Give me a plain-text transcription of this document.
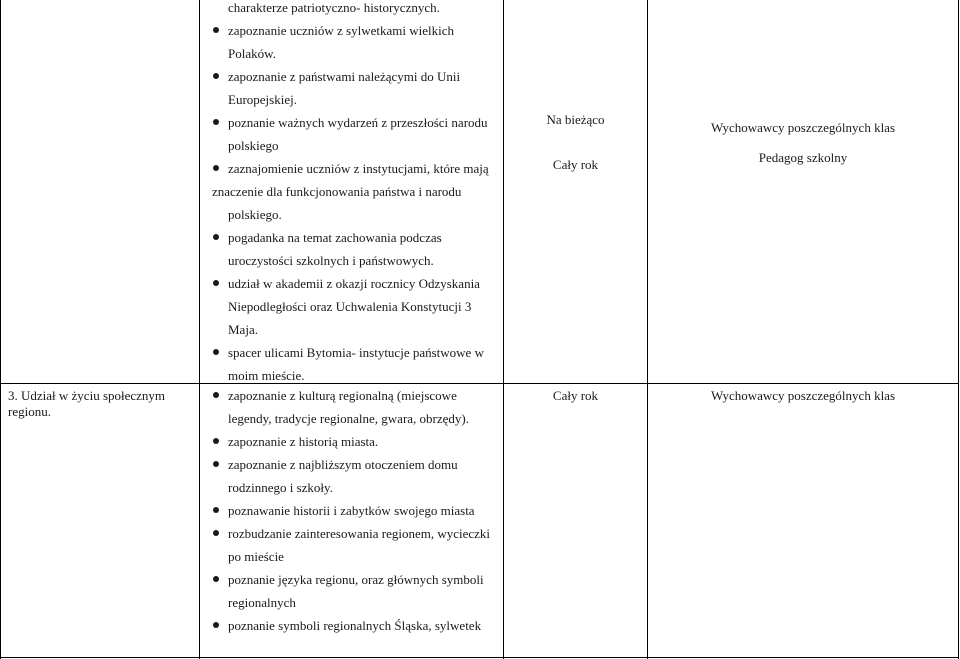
charakterze patriotyczno- historycznych.
zapoznanie uczniów z sylwetkami wielkich
Polaków.
zapoznanie z państwami należącymi do Unii
Europejskiej.
poznanie ważnych wydarzeń z przeszłości narodu
polskiego
zaznajomienie uczniów z instytucjami, które mają
znaczenie dla funkcjonowania państwa i narodu
polskiego.
pogadanka na temat zachowania podczas
uroczystości szkolnych i państwowych.
udział w akademii z okazji rocznicy Odzyskania
Niepodległości oraz Uchwalenia Konstytucji 3
Maja.
spacer ulicami Bytomia- instytucje państwowe w
moim mieście.
Na bieżąco
Cały rok
Wychowawcy poszczególnych klas
Pedagog szkolny
3. Udział w życiu społecznym regionu.
zapoznanie z kulturą regionalną (miejscowe
legendy, tradycje regionalne, gwara, obrzędy).
zapoznanie z historią miasta.
zapoznanie z najbliższym otoczeniem domu
rodzinnego i szkoły.
poznawanie historii i zabytków swojego miasta
rozbudzanie zainteresowania regionem, wycieczki
po mieście
poznanie języka regionu, oraz głównych symboli
regionalnych
poznanie symboli regionalnych Śląska, sylwetek
Cały rok	Wychowawcy poszczególnych klas
